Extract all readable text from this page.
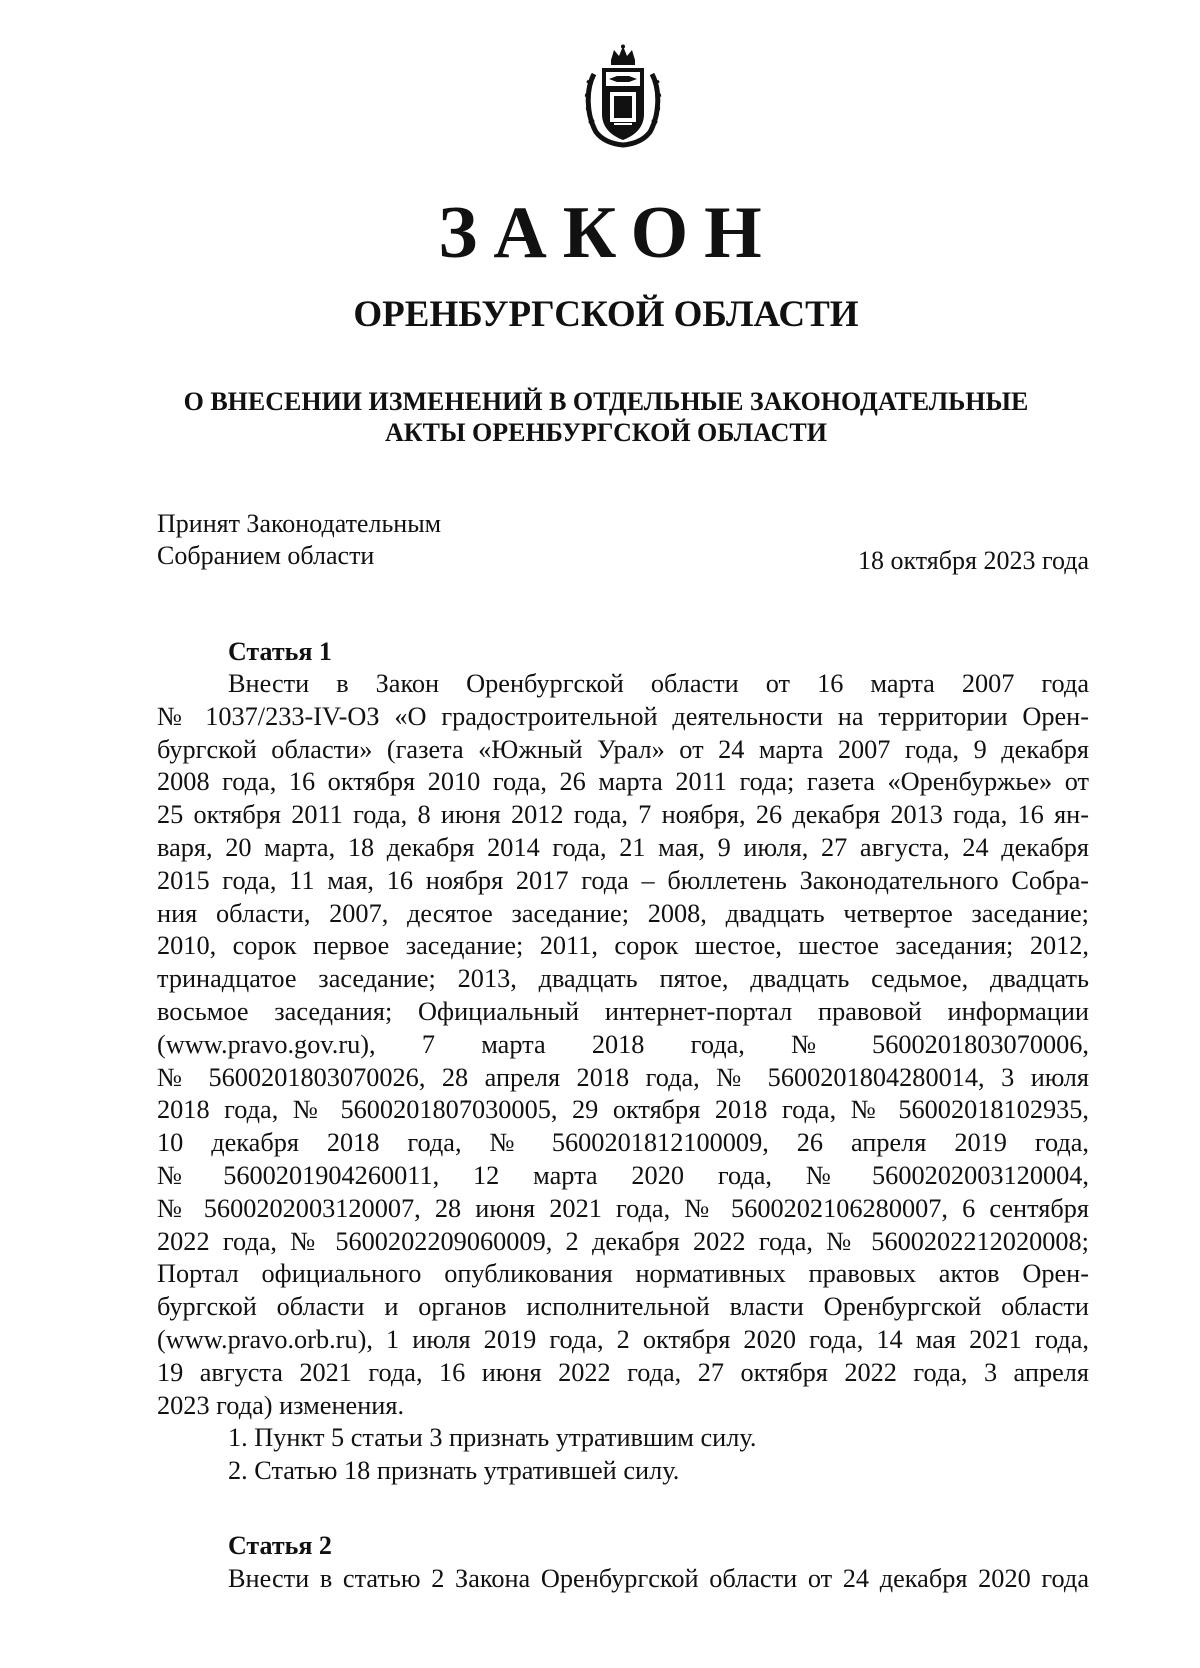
ЗАКОН
ОРЕНБУРГСКОЙ ОБЛАСТИ
О ВНЕСЕНИИ ИЗМЕНЕНИЙ В ОТДЕЛЬНЫЕ ЗАКОНОДАТЕЛЬНЫЕ
АКТЫ ОРЕНБУРГСКОЙ ОБЛАСТИ
Принят Законодательным
Собранием области	18 октября 2023 года
Статья 1
Внести в Закон Оренбургской области от 16 марта 2007 года
№ 1037/233-IV-ОЗ «О градостроительной деятельности на территории Орен-
бургской области» (газета «Южный Урал» от 24 марта 2007 года, 9 декабря
2008 года, 16 октября 2010 года, 26 марта 2011 года; газета «Оренбуржье» от
25 октября 2011 года, 8 июня 2012 года, 7 ноября, 26 декабря 2013 года, 16 ян-
варя, 20 марта, 18 декабря 2014 года, 21 мая, 9 июля, 27 августа, 24 декабря
2015 года, 11 мая, 16 ноября 2017 года – бюллетень Законодательного Собра-
ния области, 2007, десятое заседание; 2008, двадцать четвертое заседание;
2010, сорок первое заседание; 2011, сорок шестое, шестое заседания; 2012,
тринадцатое заседание; 2013, двадцать пятое, двадцать седьмое, двадцать
восьмое заседания; Официальный интернет-портал правовой информации
(www.pravo.gov.ru), 7 марта 2018 года, № 5600201803070006,
№ 5600201803070026, 28 апреля 2018 года, № 5600201804280014, 3 июля
2018 года, № 5600201807030005, 29 октября 2018 года, № 56002018102935,
10 декабря 2018 года, № 5600201812100009, 26 апреля 2019 года,
№ 5600201904260011, 12 марта 2020 года, № 5600202003120004,
№ 5600202003120007, 28 июня 2021 года, № 5600202106280007, 6 сентября
2022 года, № 5600202209060009, 2 декабря 2022 года, № 5600202212020008;
Портал официального опубликования нормативных правовых актов Орен-
бургской области и органов исполнительной власти Оренбургской области
(www.pravo.orb.ru), 1 июля 2019 года, 2 октября 2020 года, 14 мая 2021 года,
19 августа 2021 года, 16 июня 2022 года, 27 октября 2022 года, 3 апреля
2023 года) изменения.
1. Пункт 5 статьи 3 признать утратившим силу.
2. Статью 18 признать утратившей силу.
Статья 2
Внести в статью 2 Закона Оренбургской области от 24 декабря 2020 года
